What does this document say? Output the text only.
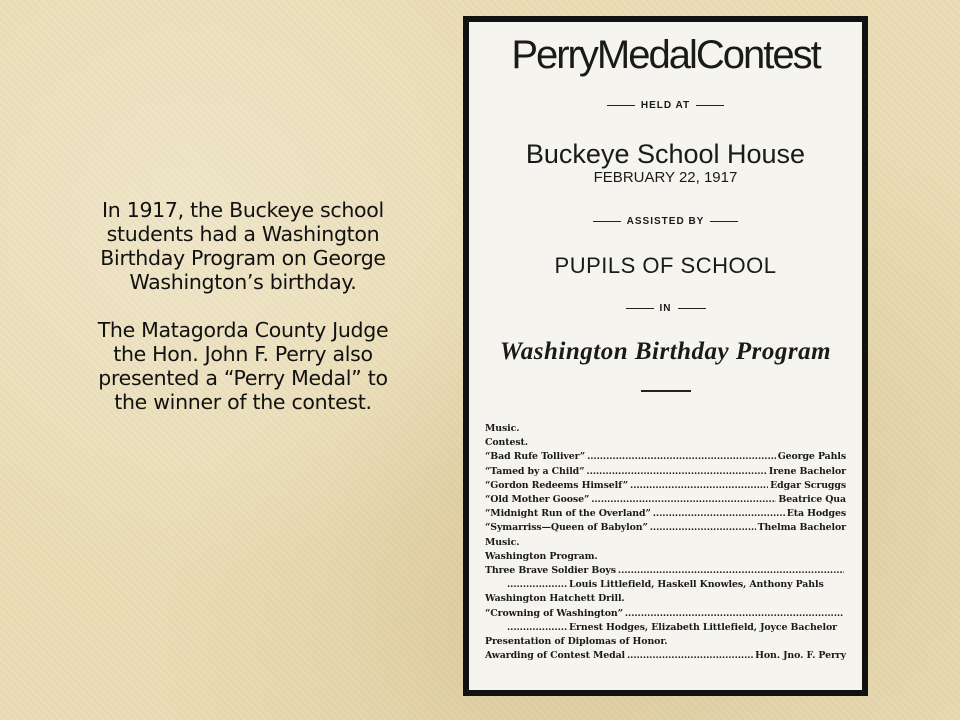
In 1917, the Buckeye school students had a Washington Birthday Program on George Washington’s birthday.

The Matagorda County Judge the Hon. John F. Perry also presented a “Perry Medal” to the winner of the contest.

PerryMedalContest
HELD AT
Buckeye School House
FEBRUARY 22, 1917
ASSISTED BY
PUPILS OF SCHOOL
IN
Washington Birthday Program
Music.
Contest.
“Bad Rufe Tolliver” .....	George Pahls
“Tamed by a Child” .....	Irene Bachelor
“Gordon Redeems Himself” .....	Edgar Scruggs
“Old Mother Goose” .....	Beatrice Qua
“Midnight Run of the Overland” .....	Eta Hodges
“Symarriss—Queen of Babylon” .....	Thelma Bachelor
Music.
Washington Program.
Three Brave Soldier Boys
.....
.....
Louis Littlefield, Haskell Knowles, Anthony Pahls
Washington Hatchett Drill.
“Crowning of Washington”
.....
.....
Ernest Hodges, Elizabeth Littlefield, Joyce Bachelor
Presentation of Diplomas of Honor.
Awarding of Contest Medal .....	Hon. Jno. F. Perry
